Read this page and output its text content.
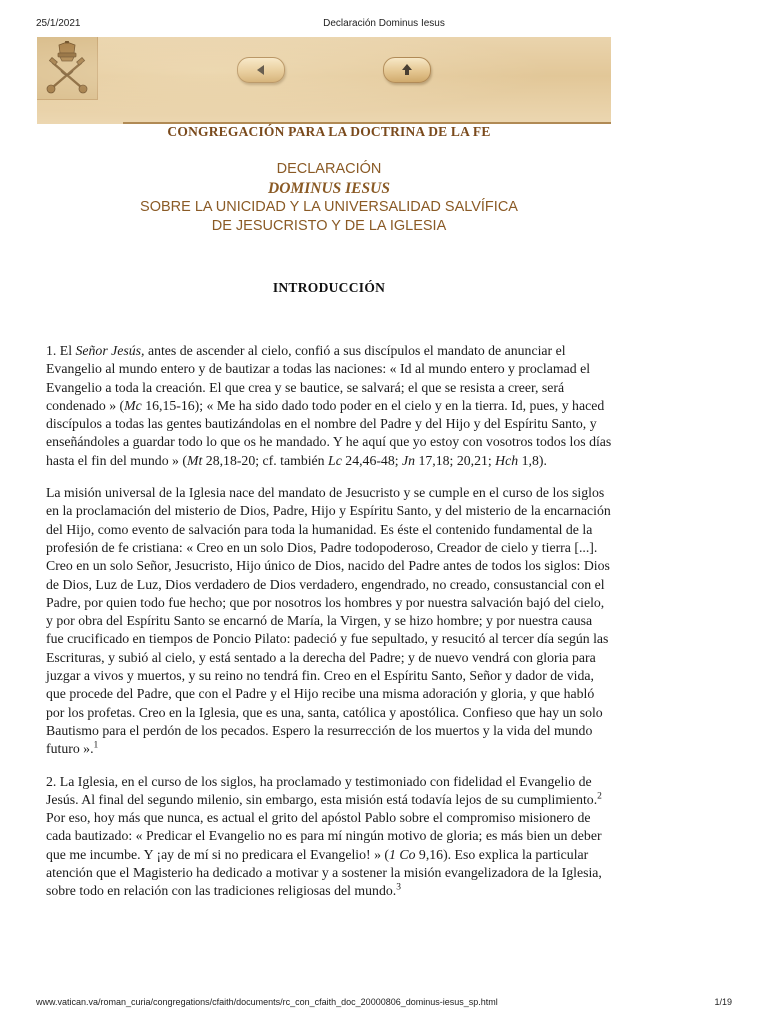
25/1/2021	Declaración Dominus Iesus
CONGREGACIÓN PARA LA DOCTRINA DE LA FE
DECLARACIÓN
DOMINUS IESUS
SOBRE LA UNICIDAD Y LA UNIVERSALIDAD SALVÍFICA
DE JESUCRISTO Y DE LA IGLESIA
INTRODUCCIÓN

1. El Señor Jesús, antes de ascender al cielo, confió a sus discípulos el mandato de anunciar el Evangelio al mundo entero y de bautizar a todas las naciones: « Id al mundo entero y proclamad el Evangelio a toda la creación. El que crea y se bautice, se salvará; el que se resista a creer, será condenado » (Mc 16,15-16); « Me ha sido dado todo poder en el cielo y en la tierra. Id, pues, y haced discípulos a todas las gentes bautizándolas en el nombre del Padre y del Hijo y del Espíritu Santo, y enseñándoles a guardar todo lo que os he mandado. Y he aquí que yo estoy con vosotros todos los días hasta el fin del mundo » (Mt 28,18-20; cf. también Lc 24,46-48; Jn 17,18; 20,21; Hch 1,8).

La misión universal de la Iglesia nace del mandato de Jesucristo y se cumple en el curso de los siglos en la proclamación del misterio de Dios, Padre, Hijo y Espíritu Santo, y del misterio de la encarnación del Hijo, como evento de salvación para toda la humanidad. Es éste el contenido fundamental de la profesión de fe cristiana: « Creo en un solo Dios, Padre todopoderoso, Creador de cielo y tierra [...]. Creo en un solo Señor, Jesucristo, Hijo único de Dios, nacido del Padre antes de todos los siglos: Dios de Dios, Luz de Luz, Dios verdadero de Dios verdadero, engendrado, no creado, consustancial con el Padre, por quien todo fue hecho; que por nosotros los hombres y por nuestra salvación bajó del cielo, y por obra del Espíritu Santo se encarnó de María, la Virgen, y se hizo hombre; y por nuestra causa fue crucificado en tiempos de Poncio Pilato: padeció y fue sepultado, y resucitó al tercer día según las Escrituras, y subió al cielo, y está sentado a la derecha del Padre; y de nuevo vendrá con gloria para juzgar a vivos y muertos, y su reino no tendrá fin. Creo en el Espíritu Santo, Señor y dador de vida, que procede del Padre, que con el Padre y el Hijo recibe una misma adoración y gloria, y que habló por los profetas. Creo en la Iglesia, que es una, santa, católica y apostólica. Confieso que hay un solo Bautismo para el perdón de los pecados. Espero la resurrección de los muertos y la vida del mundo futuro ».$^1$

2. La Iglesia, en el curso de los siglos, ha proclamado y testimoniado con fidelidad el Evangelio de Jesús. Al final del segundo milenio, sin embargo, esta misión está todavía lejos de su cumplimiento.$^2$ Por eso, hoy más que nunca, es actual el grito del apóstol Pablo sobre el compromiso misionero de cada bautizado: « Predicar el Evangelio no es para mí ningún motivo de gloria; es más bien un deber que me incumbe. Y ¡ay de mí si no predicara el Evangelio! » (1 Co 9,16). Eso explica la particular atención que el Magisterio ha dedicado a motivar y a sostener la misión evangelizadora de la Iglesia, sobre todo en relación con las tradiciones religiosas del mundo.$^3$

www.vatican.va/roman_curia/congregations/cfaith/documents/rc_con_cfaith_doc_20000806_dominus-iesus_sp.html	1/19
